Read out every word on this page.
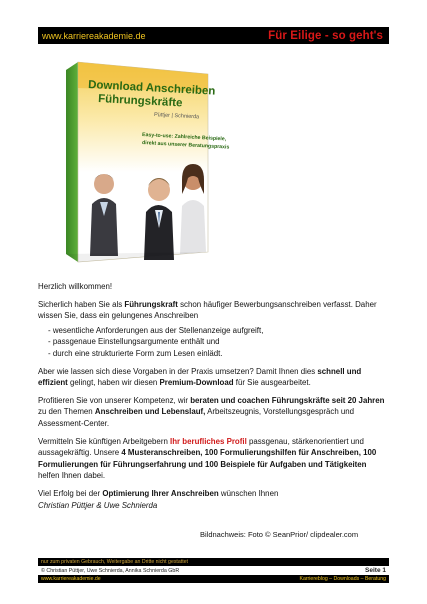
www.karriereakademie.de	Für Eilige - so geht's
Download Anschreiben
Führungskräfte
Püttjer | Schnierda
Easy-to-use: Zahlreiche Beispiele,
direkt aus unserer Beratungspraxis

Herzlich willkommen!

Sicherlich haben Sie als Führungskraft schon häufiger Bewerbungsanschreiben verfasst. Daher wissen Sie, dass ein gelungenes Anschreiben

- wesentliche Anforderungen aus der Stellenanzeige aufgreift,
- passgenaue Einstellungsargumente enthält und
- durch eine strukturierte Form zum Lesen einlädt.

Aber wie lassen sich diese Vorgaben in der Praxis umsetzen? Damit Ihnen dies schnell und effizient gelingt, haben wir diesen Premium-Download für Sie ausgearbeitet.

Profitieren Sie von unserer Kompetenz, wir beraten und coachen Führungskräfte seit 20 Jahren zu den Themen Anschreiben und Lebenslauf, Arbeitszeugnis, Vorstellungsgespräch und Assessment-Center.

Vermitteln Sie künftigen Arbeitgebern Ihr berufliches Profil passgenau, stärkenorientiert und aussagekräftig. Unsere 4 Musteranschreiben, 100 Formulierungshilfen für Anschreiben, 100 Formulierungen für Führungserfahrung und 100 Beispiele für Aufgaben und Tätigkeiten helfen Ihnen dabei.

Viel Erfolg bei der Optimierung Ihrer Anschreiben wünschen Ihnen
Christian Püttjer & Uwe Schnierda

Bildnachweis: Foto © SeanPrior/ clipdealer.com
nur zum privaten Gebrauch, Weitergabe an Dritte nicht gestattet
© Christian Püttjer, Uwe Schnierda, Annika Schnierda GbR	Seite 1
www.karriereakademie.de	Karriereblog – Downloads – Beratung
